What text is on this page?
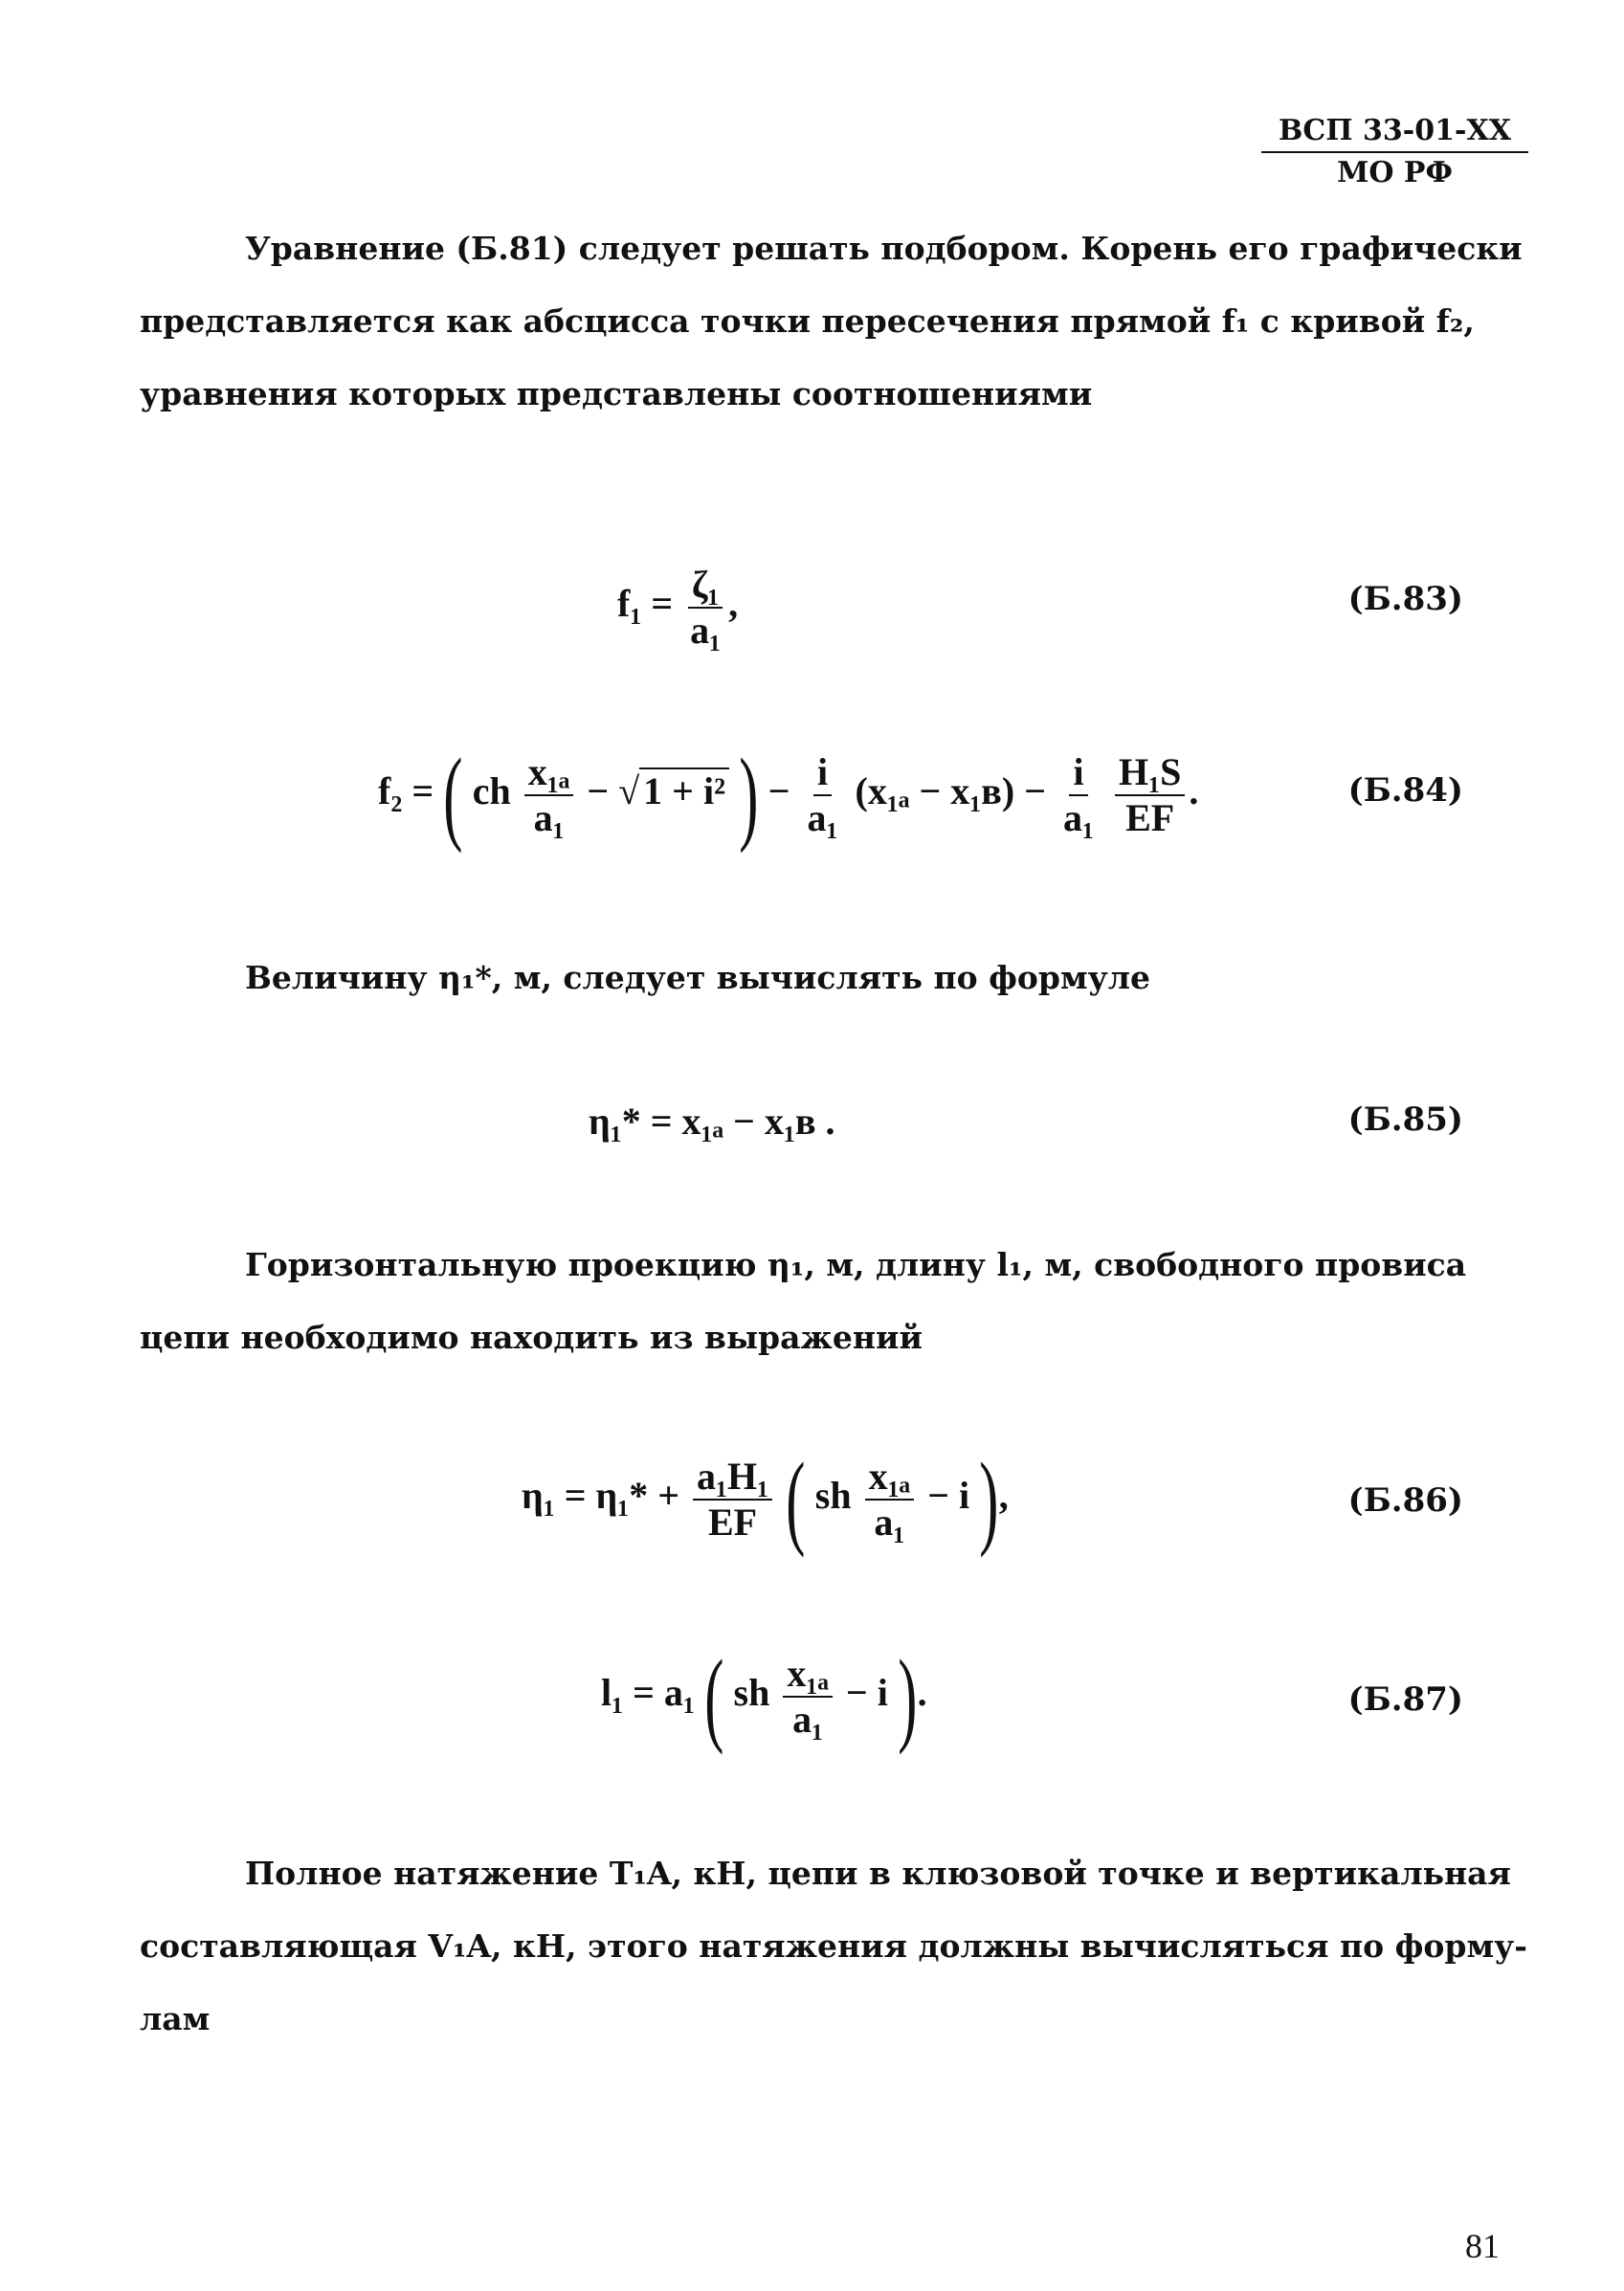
ВСП 33-01-XX
МО РФ
Уравнение (Б.81) следует решать подбором. Корень его графически
представляется как абсцисса точки пересечения прямой f₁ с кривой f₂,
уравнения которых представлены соотношениями
$f_1 = \frac{\text{ζ₁}}{\text{a₁}}$ ,	(Б.83)
f₂ = ( ch $\frac{\text{x₁ₐ}}{\text{a₁}}$ − √ 1 + i² ) − $\frac{i}{\text{a₁}} (x_{1a}$ − x₁ʙ) − $\frac{i}{\text{a₁}}$
$\frac{\text{H₁S}}{EF}$ .	(Б.84)
Величину η₁*, м, следует вычислять по формуле
η₁* = x₁ₐ − x₁ʙ .	(Б.85)
Горизонтальную проекцию η₁, м, длину l₁, м, свободного провиса
цепи необходимо находить из выражений
$\eta_1 = \eta_1* + \frac{\text{a₁H₁}}{EF}$ ( sh $\frac{\text{x₁ₐ}}{\text{a₁}} - i$ ),	(Б.86)
l₁ = a₁ ( sh $\frac{\text{x₁ₐ}}{\text{a₁}} - i$ ).	(Б.87)
Полное натяжение T₁A, кН, цепи в клюзовой точке и вертикальная
составляющая V₁A, кН, этого натяжения должны вычисляться по форму-
лам
81
